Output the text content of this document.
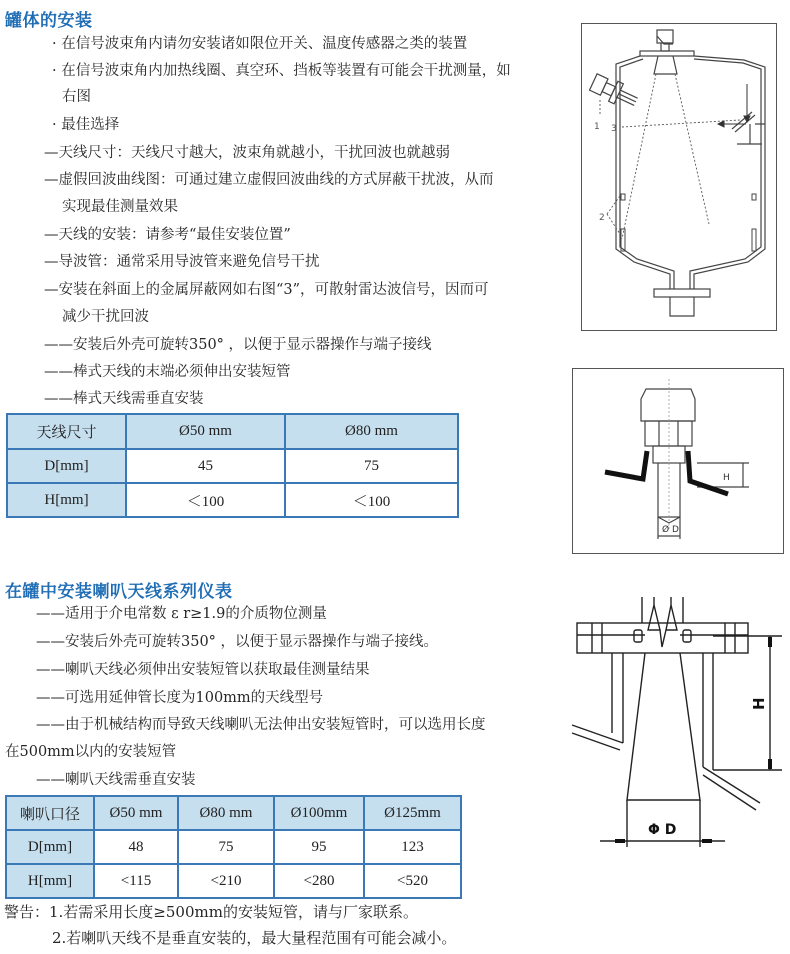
罐体的安装
· 在信号波束角内请勿安装诸如限位开关、温度传感器之类的装置
· 在信号波束角内加热线圈、真空环、挡板等装置有可能会干扰测量，如
右图
· 最佳选择
—天线尺寸：天线尺寸越大，波束角就越小，干扰回波也就越弱
—虚假回波曲线图：可通过建立虚假回波曲线的方式屏蔽干扰波，从而
实现最佳测量效果
—天线的安装：请参考“最佳安装位置”
—导波管：通常采用导波管来避免信号干扰
—安装在斜面上的金属屏蔽网如右图“3”，可散射雷达波信号，因而可
减少干扰回波
——安装后外壳可旋转350° ，以便于显示器操作与端子接线
——棒式天线的末端必须伸出安装短管
——棒式天线需垂直安装
天线尺寸	Ø50 mm	Ø80 mm
D[mm]	45	75
H[mm]	＜100	＜100
1
2
3
H
Ø D
在罐中安装喇叭天线系列仪表
——适用于介电常数 ε r≥1.9的介质物位测量
——安装后外壳可旋转350° ，以便于显示器操作与端子接线。
——喇叭天线必须伸出安装短管以获取最佳测量结果
——可选用延伸管长度为100mm的天线型号
——由于机械结构而导致天线喇叭无法伸出安装短管时，可以选用长度
在500mm以内的安装短管
——喇叭天线需垂直安装
喇叭口径	Ø50 mm	Ø80 mm	Ø100mm	Ø125mm
D[mm]	48	75	95	123
H[mm]	<115	<210	<280	<520
警告：1.若需采用长度≥500mm的安装短管，请与厂家联系。
2.若喇叭天线不是垂直安装的，最大量程范围有可能会减小。
H
Φ D
